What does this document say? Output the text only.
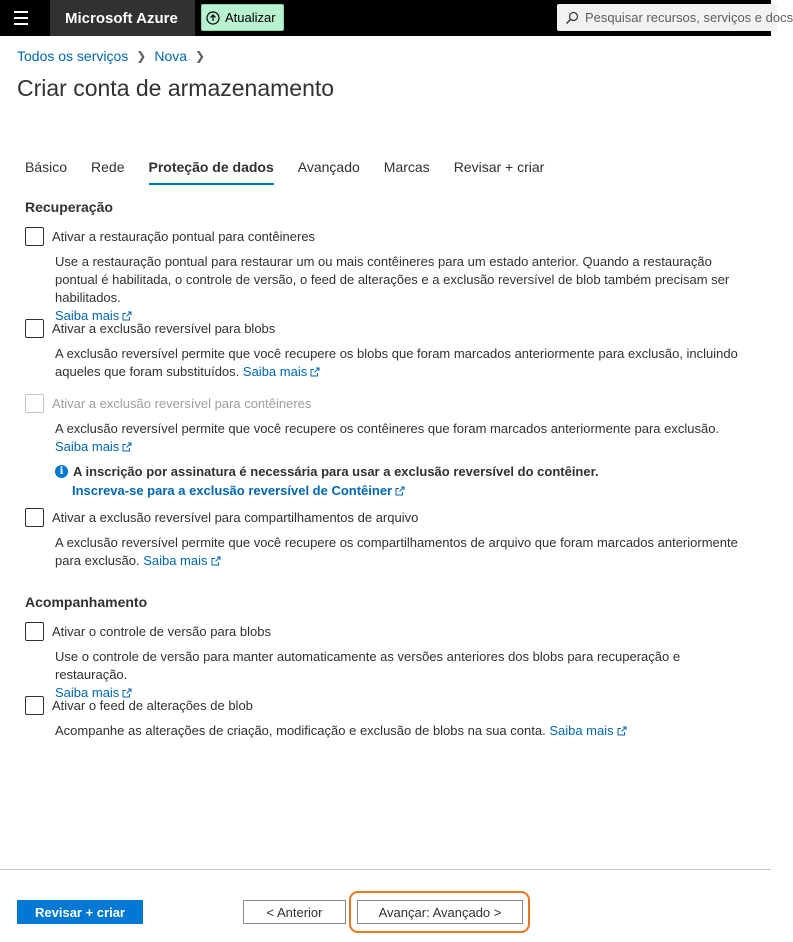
Microsoft Azure	Atualizar	Pesquisar recursos, serviços e docs
Todos os serviços ❯ Nova ❯
Criar conta de armazenamento
Básico Rede Proteção de dados Avançado Marcas Revisar + criar
Recuperação
Ativar a restauração pontual para contêineres
Use a restauração pontual para restaurar um ou mais contêineres para um estado anterior. Quando a restauração pontual é habilitada, o controle de versão, o feed de alterações e a exclusão reversível de blob também precisam ser habilitados.
Saiba mais
Ativar a exclusão reversível para blobs
A exclusão reversível permite que você recupere os blobs que foram marcados anteriormente para exclusão, incluindo aqueles que foram substituídos. Saiba mais
Ativar a exclusão reversível para contêineres
A exclusão reversível permite que você recupere os contêineres que foram marcados anteriormente para exclusão.
Saiba mais
i A inscrição por assinatura é necessária para usar a exclusão reversível do contêiner.
Inscreva-se para a exclusão reversível de Contêiner
Ativar a exclusão reversível para compartilhamentos de arquivo
A exclusão reversível permite que você recupere os compartilhamentos de arquivo que foram marcados anteriormente para exclusão. Saiba mais
Acompanhamento
Ativar o controle de versão para blobs
Use o controle de versão para manter automaticamente as versões anteriores dos blobs para recuperação e restauração.
Saiba mais
Ativar o feed de alterações de blob
Acompanhe as alterações de criação, modificação e exclusão de blobs na sua conta. Saiba mais
Revisar + criar	< Anterior	Avançar: Avançado >
